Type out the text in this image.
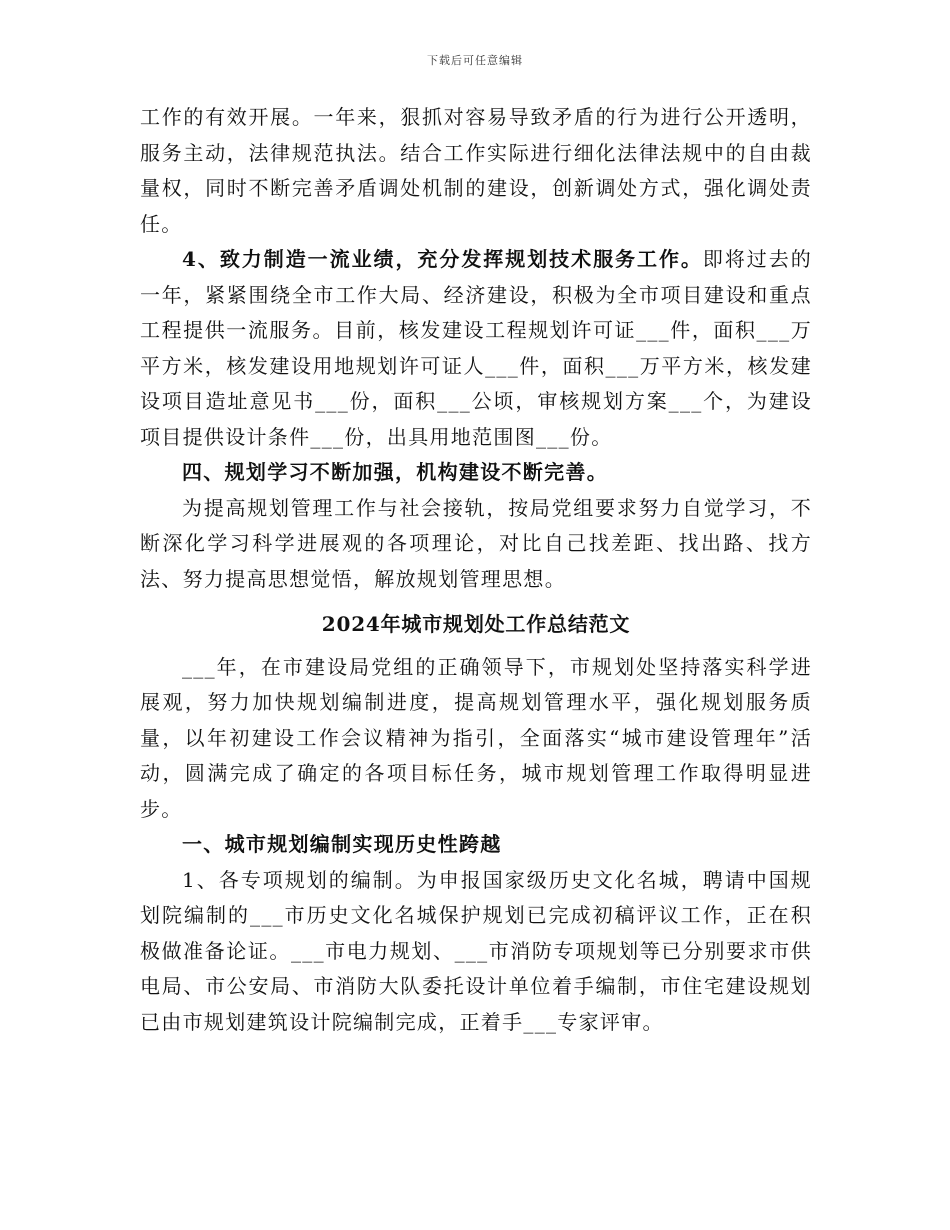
下载后可任意编辑

工作的有效开展。一年来，狠抓对容易导致矛盾的行为进行公开透明，服务主动，法律规范执法。结合工作实际进行细化法律法规中的自由裁量权，同时不断完善矛盾调处机制的建设，创新调处方式，强化调处责任。

4、致力制造一流业绩，充分发挥规划技术服务工作。即将过去的一年，紧紧围绕全市工作大局、经济建设，积极为全市项目建设和重点工程提供一流服务。目前，核发建设工程规划许可证___件，面积___万平方米，核发建设用地规划许可证人___件，面积___万平方米，核发建设项目造址意见书___份，面积___公顷，审核规划方案___个，为建设项目提供设计条件___份，出具用地范围图___份。

四、规划学习不断加强，机构建设不断完善。

为提高规划管理工作与社会接轨，按局党组要求努力自觉学习，不断深化学习科学进展观的各项理论，对比自己找差距、找出路、找方法、努力提高思想觉悟，解放规划管理思想。

2024年城市规划处工作总结范文

___年，在市建设局党组的正确领导下，市规划处坚持落实科学进展观，努力加快规划编制进度，提高规划管理水平，强化规划服务质量，以年初建设工作会议精神为指引，全面落实“城市建设管理年”活动，圆满完成了确定的各项目标任务，城市规划管理工作取得明显进步。

一、城市规划编制实现历史性跨越

1、各专项规划的编制。为申报国家级历史文化名城，聘请中国规划院编制的___市历史文化名城保护规划已完成初稿评议工作，正在积极做准备论证。___市电力规划、___市消防专项规划等已分别要求市供电局、市公安局、市消防大队委托设计单位着手编制，市住宅建设规划已由市规划建筑设计院编制完成，正着手___专家评审。
